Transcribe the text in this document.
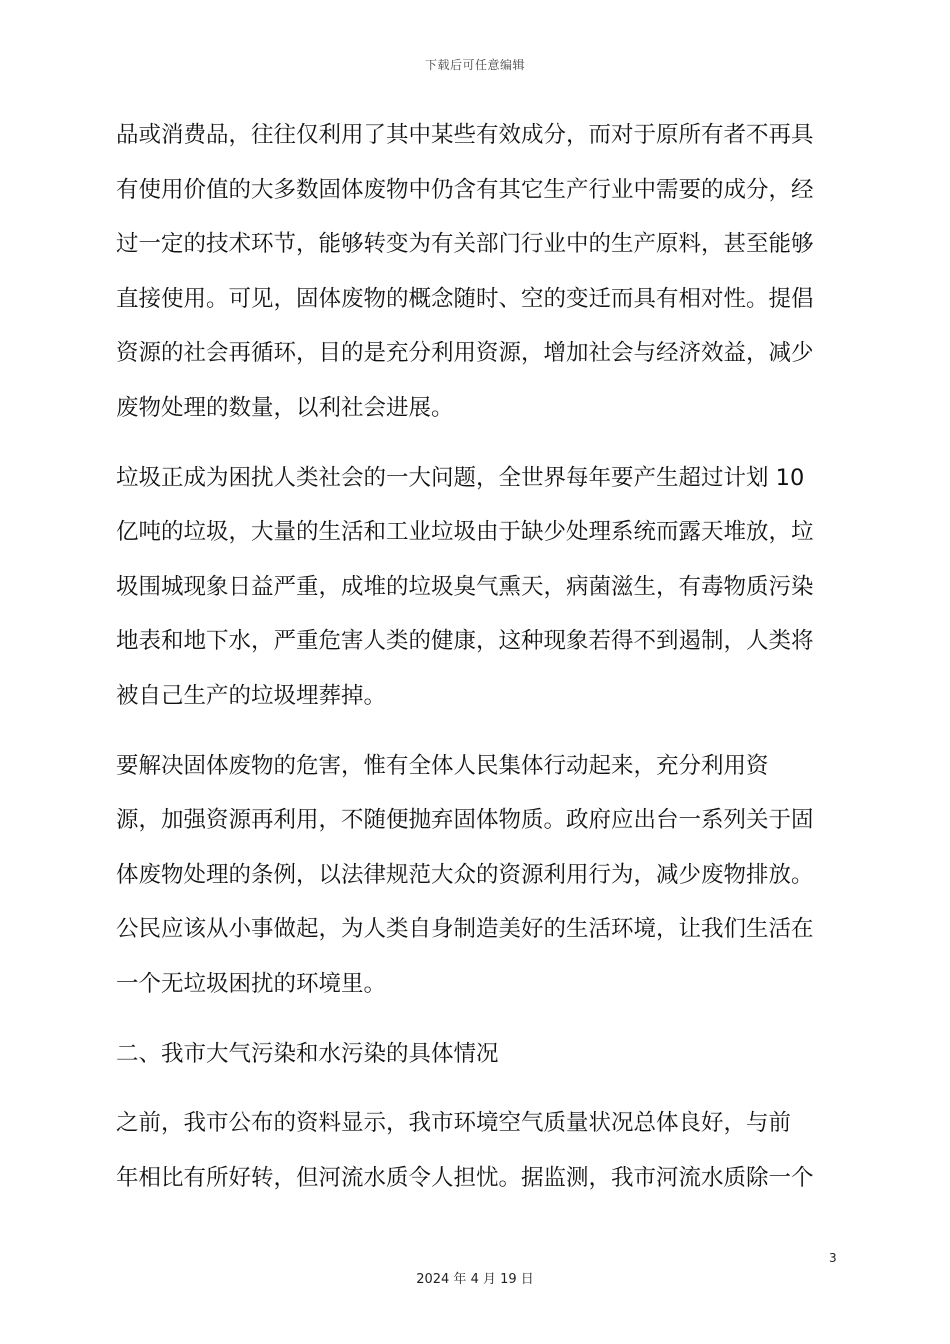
下载后可任意编辑
品或消费品，往往仅利用了其中某些有效成分，而对于原所有者不再具
有使用价值的大多数固体废物中仍含有其它生产行业中需要的成分，经
过一定的技术环节，能够转变为有关部门行业中的生产原料，甚至能够
直接使用。可见，固体废物的概念随时、空的变迁而具有相对性。提倡
资源的社会再循环，目的是充分利用资源，增加社会与经济效益，减少
废物处理的数量，以利社会进展。
垃圾正成为困扰人类社会的一大问题，全世界每年要产生超过计划 10
亿吨的垃圾，大量的生活和工业垃圾由于缺少处理系统而露天堆放，垃
圾围城现象日益严重，成堆的垃圾臭气熏天，病菌滋生，有毒物质污染
地表和地下水，严重危害人类的健康，这种现象若得不到遏制，人类将
被自己生产的垃圾埋葬掉。
要解决固体废物的危害，惟有全体人民集体行动起来，充分利用资
源，加强资源再利用，不随便抛弃固体物质。政府应出台一系列关于固
体废物处理的条例，以法律规范大众的资源利用行为，减少废物排放。
公民应该从小事做起，为人类自身制造美好的生活环境，让我们生活在
一个无垃圾困扰的环境里。
二、我市大气污染和水污染的具体情况
之前，我市公布的资料显示，我市环境空气质量状况总体良好，与前
年相比有所好转，但河流水质令人担忧。据监测，我市河流水质除一个
3
2024 年 4 月 19 日
